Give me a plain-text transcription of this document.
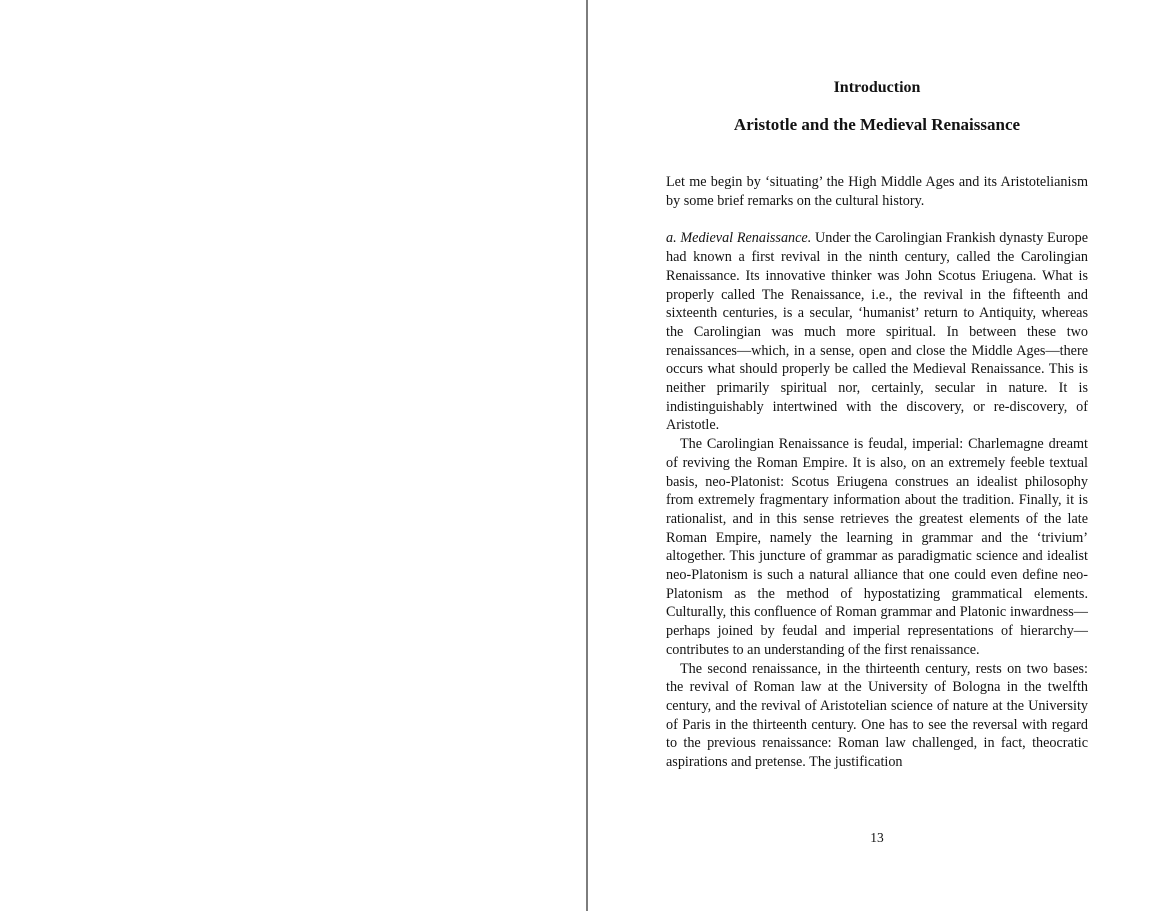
Introduction
Aristotle and the Medieval Renaissance

Let me begin by ‘situating’ the High Middle Ages and its Aristotelianism by some brief remarks on the cultural history.

a. Medieval Renaissance. Under the Carolingian Frankish dynasty Europe had known a first revival in the ninth century, called the Carolingian Renaissance. Its innovative thinker was John Scotus Eriugena. What is properly called The Renaissance, i.e., the revival in the fifteenth and sixteenth centuries, is a secular, ‘humanist’ return to Antiquity, whereas the Carolingian was much more spiritual. In between these two renaissances—which, in a sense, open and close the Middle Ages—there occurs what should properly be called the Medieval Renaissance. This is neither primarily spiritual nor, certainly, secular in nature. It is indistinguishably intertwined with the discovery, or re-discovery, of Aristotle.

The Carolingian Renaissance is feudal, imperial: Charlemagne dreamt of reviving the Roman Empire. It is also, on an extremely feeble textual basis, neo-Platonist: Scotus Eriugena construes an idealist philosophy from extremely fragmentary information about the tradition. Finally, it is rationalist, and in this sense retrieves the greatest elements of the late Roman Empire, namely the learning in grammar and the ‘trivium’ altogether. This juncture of grammar as paradigmatic science and idealist neo-Platonism is such a natural alliance that one could even define neo-Platonism as the method of hypostatizing grammatical elements. Culturally, this confluence of Roman grammar and Platonic inwardness—perhaps joined by feudal and imperial representations of hierarchy—contributes to an understanding of the first renaissance.

The second renaissance, in the thirteenth century, rests on two bases: the revival of Roman law at the University of Bologna in the twelfth century, and the revival of Aristotelian science of nature at the University of Paris in the thirteenth century. One has to see the reversal with regard to the previous renaissance: Roman law challenged, in fact, theocratic aspirations and pretense. The justification

13
